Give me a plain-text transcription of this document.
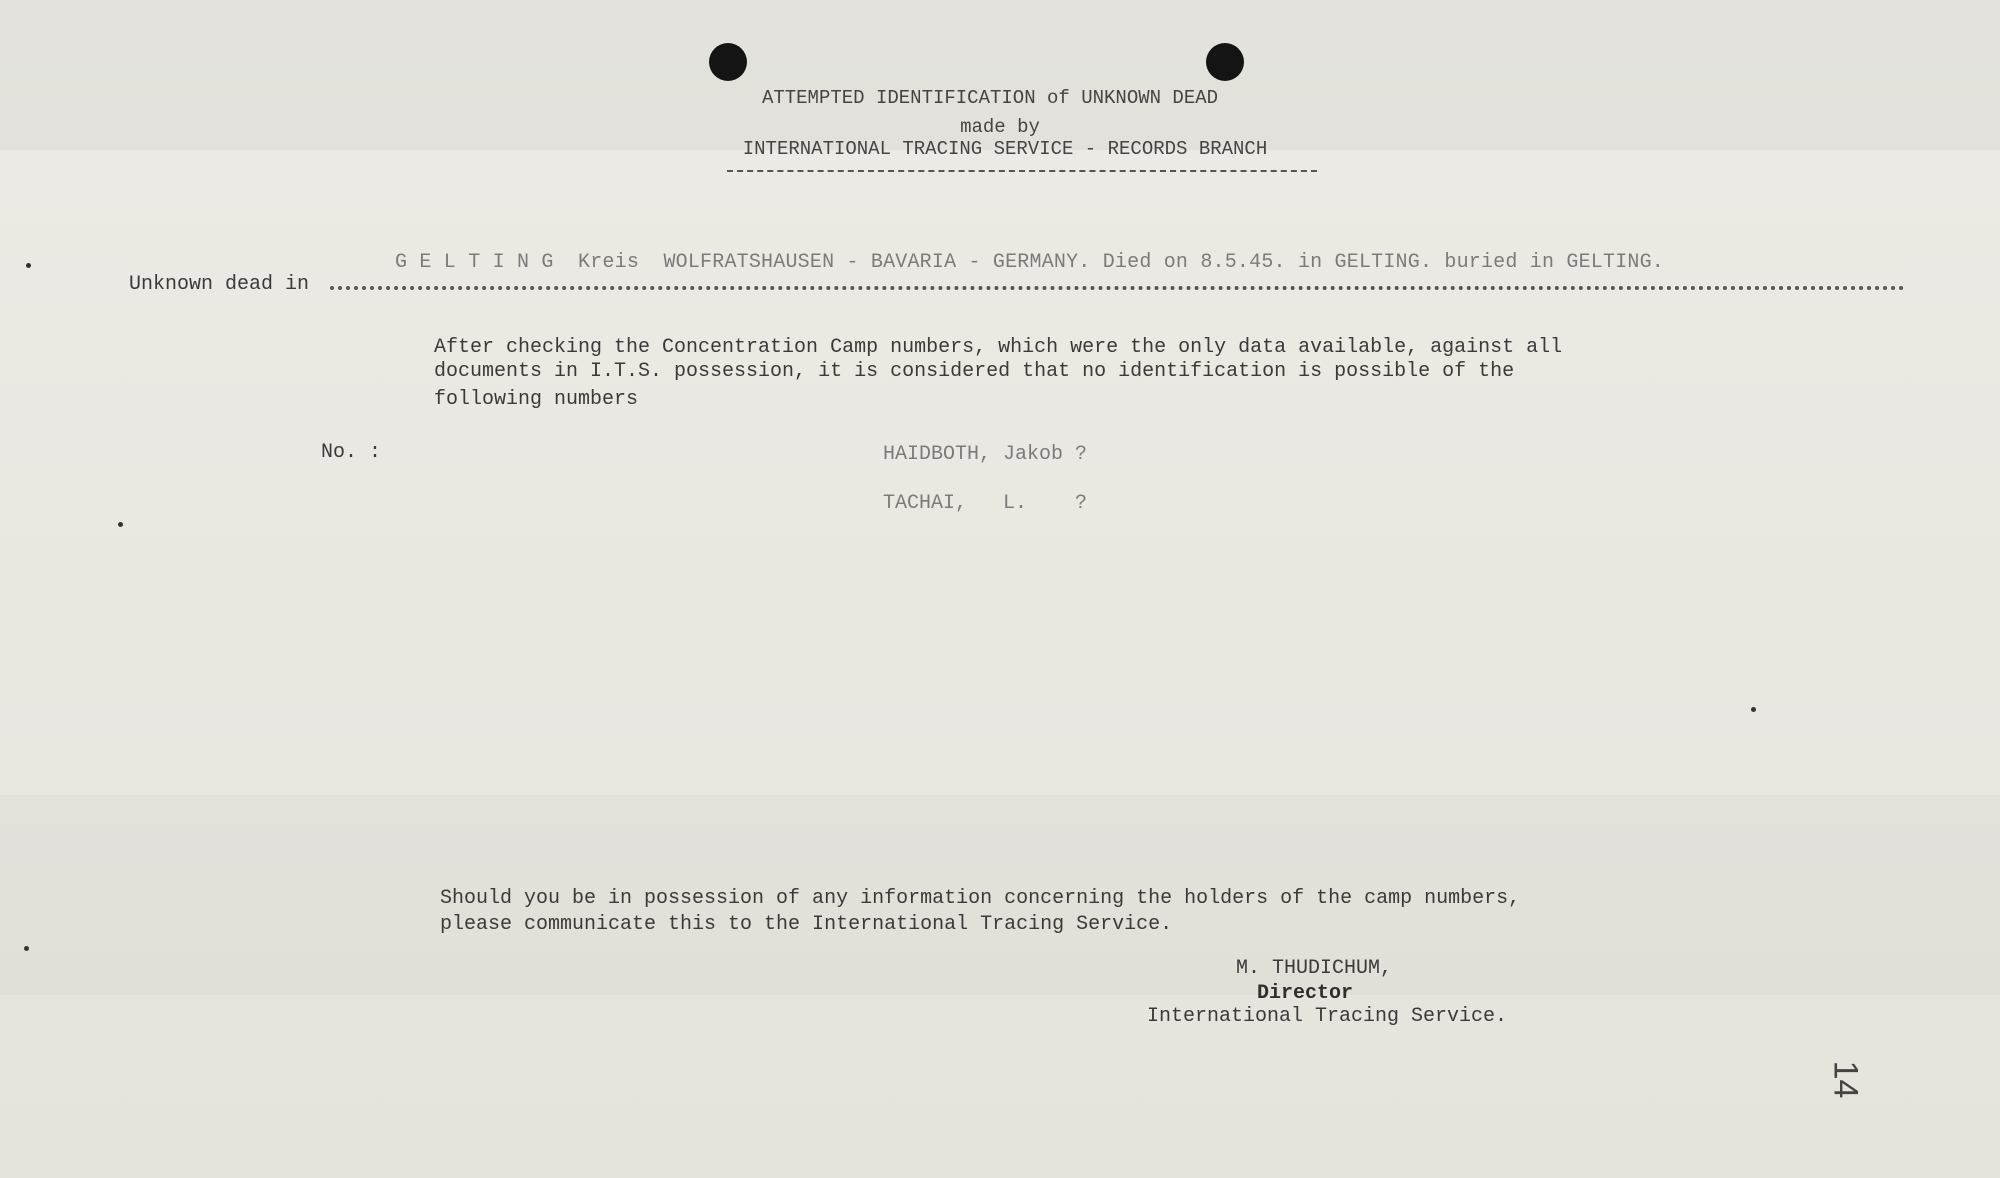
ATTEMPTED IDENTIFICATION of UNKNOWN DEAD
made by
INTERNATIONAL TRACING SERVICE - RECORDS BRANCH
Unknown dead in
G E L T I N G  Kreis  WOLFRATSHAUSEN - BAVARIA - GERMANY. Died on 8.5.45. in GELTING. buried in GELTING.
After checking the Concentration Camp numbers, which were the only data available, against all
documents in I.T.S. possession, it is considered that no identification is possible of the
following numbers
No. :	HAIDBOTH, Jakob ?
TACHAI,   L.    ?
Should you be in possession of any information concerning the holders of the camp numbers,
please communicate this to the International Tracing Service.
M. THUDICHUM,
Director
International Tracing Service.
14
